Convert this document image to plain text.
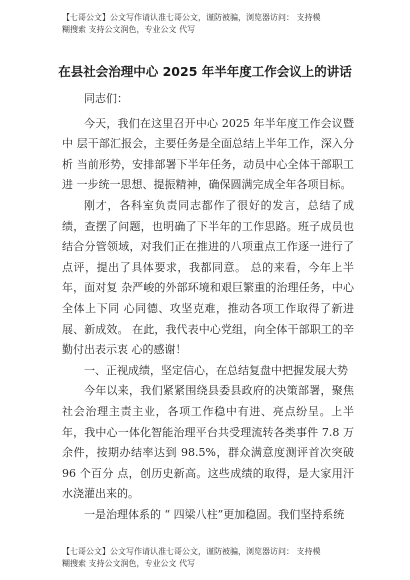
【七哥公文】公文写作请认准七哥公文，谨防被骗，浏览器访问： 支持模
糊搜索 支持公文润色，专业公文 代写
在县社会治理中心 2025 年半年度工作会议上的讲话

同志们：

今天，我们在这里召开中心 2025 年半年度工作会议暨中 层干部汇报会，主要任务是全面总结上半年工作，深入分析 当前形势，安排部署下半年任务，动员中心全体干部职工进 一步统一思想、提振精神，确保圆满完成全年各项目标。

刚才，各科室负责同志都作了很好的发言，总结了成绩，查摆了问题，也明确了下半年的工作思路。班子成员也结合分管领域，对我们正在推进的八项重点工作逐一进行了点评，提出了具体要求，我都同意。 总的来看，今年上半年，面对复 杂严峻的外部环境和艰巨繁重的治理任务，中心全体上下同 心同德、攻坚克难，推动各项工作取得了新进展、新成效。 在此，我代表中心党组，向全体干部职工的辛勤付出表示衷 心的感谢！

一、正视成绩，坚定信心，在总结复盘中把握发展大势

今年以来，我们紧紧围绕县委县政府的决策部署，聚焦社会治理主责主业，各项工作稳中有进、亮点纷呈。上半年，我中心一体化智能治理平台共受理流转各类事件 7.8 万余件，按期办结率达到 98.5%，群众满意度测评首次突破 96 个百分 点，创历史新高。这些成绩的取得，是大家用汗水浇灌出来的。

一是治理体系的 “ 四梁八柱”更加稳固。我们坚持系统

【七哥公文】公文写作请认准七哥公文，谨防被骗，浏览器访问： 支持模
糊搜索 支持公文润色，专业公文 代写
